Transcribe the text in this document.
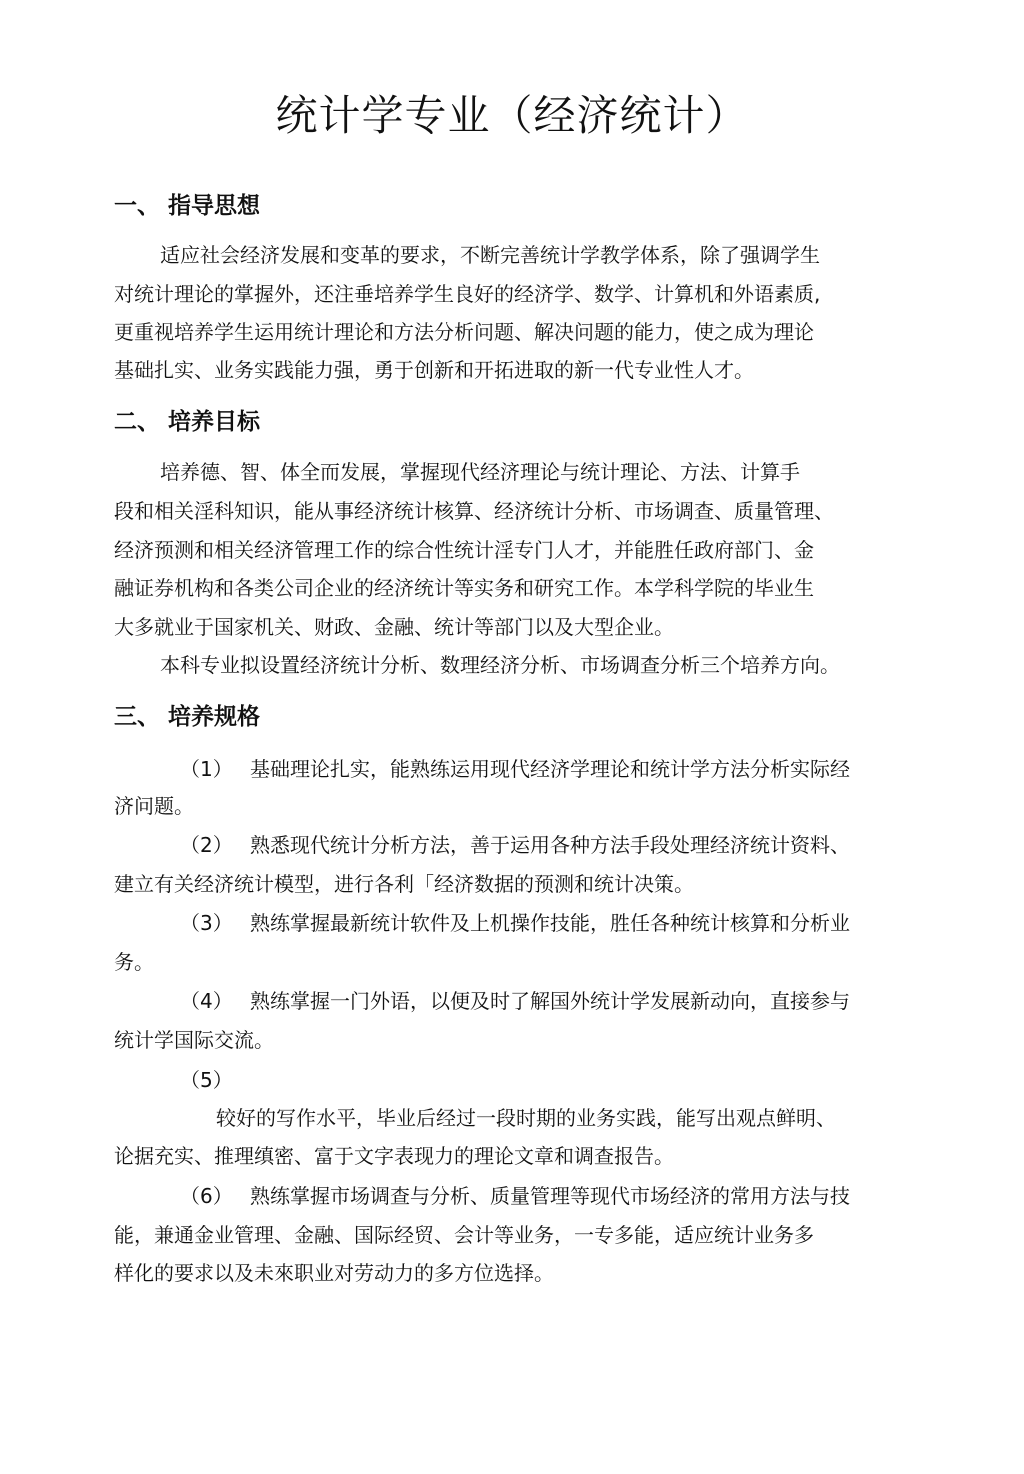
统计学专业（经济统计）
一、 指导思想
适应社会经济发展和变革的要求，不断完善统计学教学体系，除了强调学生
对统计理论的掌握外，还注垂培养学生良好的经济学、数学、计算机和外语素质,
更重视培养学生运用统计理论和方法分析问题、解决问题的能力，使之成为理论
基础扎实、业务实践能力强，勇于创新和开拓进取的新一代专业性人才。
二、 培养目标
培养德、智、体全而发展，掌握现代经济理论与统计理论、方法、计算手
段和相关淫科知识，能从事经济统计核算、经济统计分析、市场调查、质量管理、
经济预测和相关经济管理工作的综合性统计淫专门人才，并能胜任政府部门、金
融证券机构和各类公司企业的经济统计等实务和研究工作。本学科学院的毕业生
大多就业于国家机关、财政、金融、统计等部门以及大型企业。
本科专业拟设置经济统计分析、数理经济分析、市场调查分析三个培养方向。
三、 培养规格
（1） 基础理论扎实，能熟练运用现代经济学理论和统计学方法分析实际经
济问题。
（2） 熟悉现代统计分析方法，善于运用各种方法手段处理经济统计资料、
建立有关经济统计模型，进行各利「经济数据的预测和统计决策。
（3） 熟练掌握最新统计软件及上机操作技能，胜任各种统计核算和分析业
务。
（4） 熟练掌握一门外语，以便及时了解国外统计学发展新动向，直接参与
统计学国际交流。
（5）
较好的写作水平，毕业后经过一段时期的业务实践，能写出观点鲜明、
论据充实、推理缜密、富于文字表现力的理论文章和调查报告。
（6） 熟练掌握市场调查与分析、质量管理等现代市场经济的常用方法与技
能，兼通金业管理、金融、国际经贸、会计等业务，一专多能，适应统计业务多
样化的要求以及未來职业对劳动力的多方位选择。
